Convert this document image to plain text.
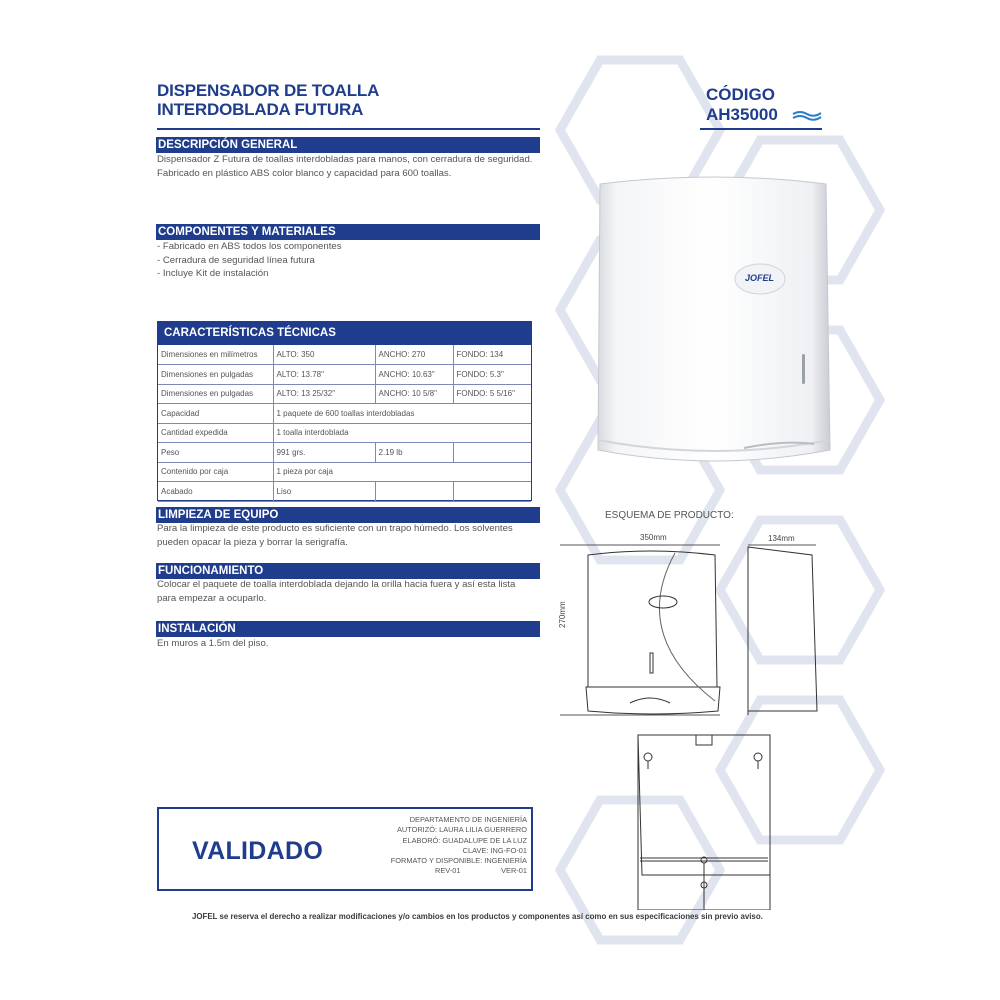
DISPENSADOR DE TOALLA
INTERDOBLADA FUTURA
CÓDIGO
AH35000
DESCRIPCIÓN GENERAL
Dispensador Z Futura de toallas interdobladas para manos, con cerradura de seguridad.
Fabricado en plástico ABS color blanco y capacidad para 600 toallas.
COMPONENTES Y MATERIALES
- Fabricado en ABS todos los componentes
- Cerradura de seguridad línea futura
- Incluye Kit de instalación
CARACTERÍSTICAS TÉCNICAS
Dimensiones en milímetros	ALTO: 350	ANCHO: 270	FONDO: 134
Dimensiones en pulgadas	ALTO: 13.78"	ANCHO: 10.63"	FONDO: 5.3"
Dimensiones en pulgadas	ALTO: 13 25/32"	ANCHO: 10 5/8"	FONDO: 5 5/16"
Capacidad	1 paquete de 600 toallas interdobladas		
Cantidad expedida	1 toalla interdoblada		
Peso	991 grs.	2.19 lb	
Contenido por caja	1 pieza por caja		
Acabado	Liso		
LIMPIEZA DE EQUIPO
Para la limpieza de este producto es suficiente con un trapo húmedo. Los solventes
pueden opacar la pieza y borrar la serigrafía.
FUNCIONAMIENTO
Colocar el paquete de toalla interdoblada dejando la orilla hacia fuera y así esta lista
para empezar a ocuparlo.
INSTALACIÓN
En muros a 1.5m del piso.
JOFEL
ESQUEMA DE PRODUCTO:
350mm	134mm
270mm
VALIDADO
DEPARTAMENTO DE INGENIERÍA
AUTORIZÓ: LAURA LILIA GUERRERO
ELABORÓ: GUADALUPE DE LA LUZ
CLAVE: ING-FO-01
FORMATO Y DISPONIBLE: INGENIERÍA
REV-01	VER-01
JOFEL se reserva el derecho a realizar modificaciones y/o cambios en los productos y componentes así como en sus especificaciones sin previo aviso.
